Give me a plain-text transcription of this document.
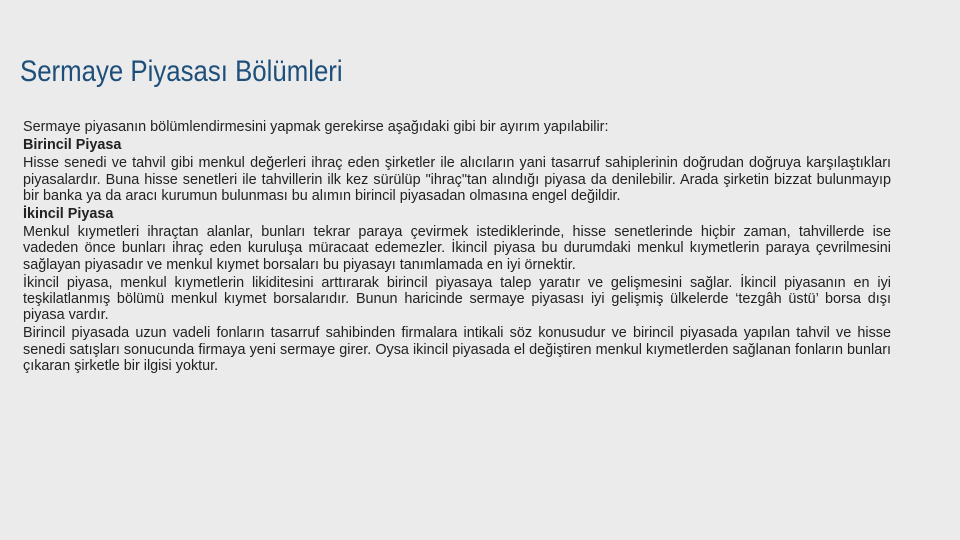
Sermaye Piyasası Bölümleri

Sermaye piyasanın bölümlendirmesini yapmak gerekirse aşağıdaki gibi bir ayırım yapılabilir:

Birincil Piyasa

Hisse senedi ve tahvil gibi menkul değerleri ihraç eden şirketler ile alıcıların yani tasarruf sahiplerinin doğrudan doğruya karşılaştıkları piyasalardır. Buna hisse senetleri ile tahvillerin ilk kez sürülüp "ihraç"tan alındığı piyasa da denilebilir. Arada şirketin bizzat bulunmayıp bir banka ya da aracı kurumun bulunması bu alımın birincil piyasadan olmasına engel değildir.

İkincil Piyasa

Menkul kıymetleri ihraçtan alanlar, bunları tekrar paraya çevirmek istediklerinde, hisse senetlerinde hiçbir zaman, tahvillerde ise vadeden önce bunları ihraç eden kuruluşa müracaat edemezler. İkincil piyasa bu durumdaki menkul kıymetlerin paraya çevrilmesini sağlayan piyasadır ve menkul kıymet borsaları bu piyasayı tanımlamada en iyi örnektir.

İkincil piyasa, menkul kıymetlerin likiditesini arttırarak birincil piyasaya talep yaratır ve gelişmesini sağlar. İkincil piyasanın en iyi teşkilatlanmış bölümü menkul kıymet borsalarıdır. Bunun haricinde sermaye piyasası iyi gelişmiş ülkelerde ‘tezgâh üstü’ borsa dışı piyasa vardır.

Birincil piyasada uzun vadeli fonların tasarruf sahibinden firmalara intikali söz konusudur ve birincil piyasada yapılan tahvil ve hisse senedi satışları sonucunda firmaya yeni sermaye girer. Oysa ikincil piyasada el değiştiren menkul kıymetlerden sağlanan fonların bunları çıkaran şirketle bir ilgisi yoktur.
